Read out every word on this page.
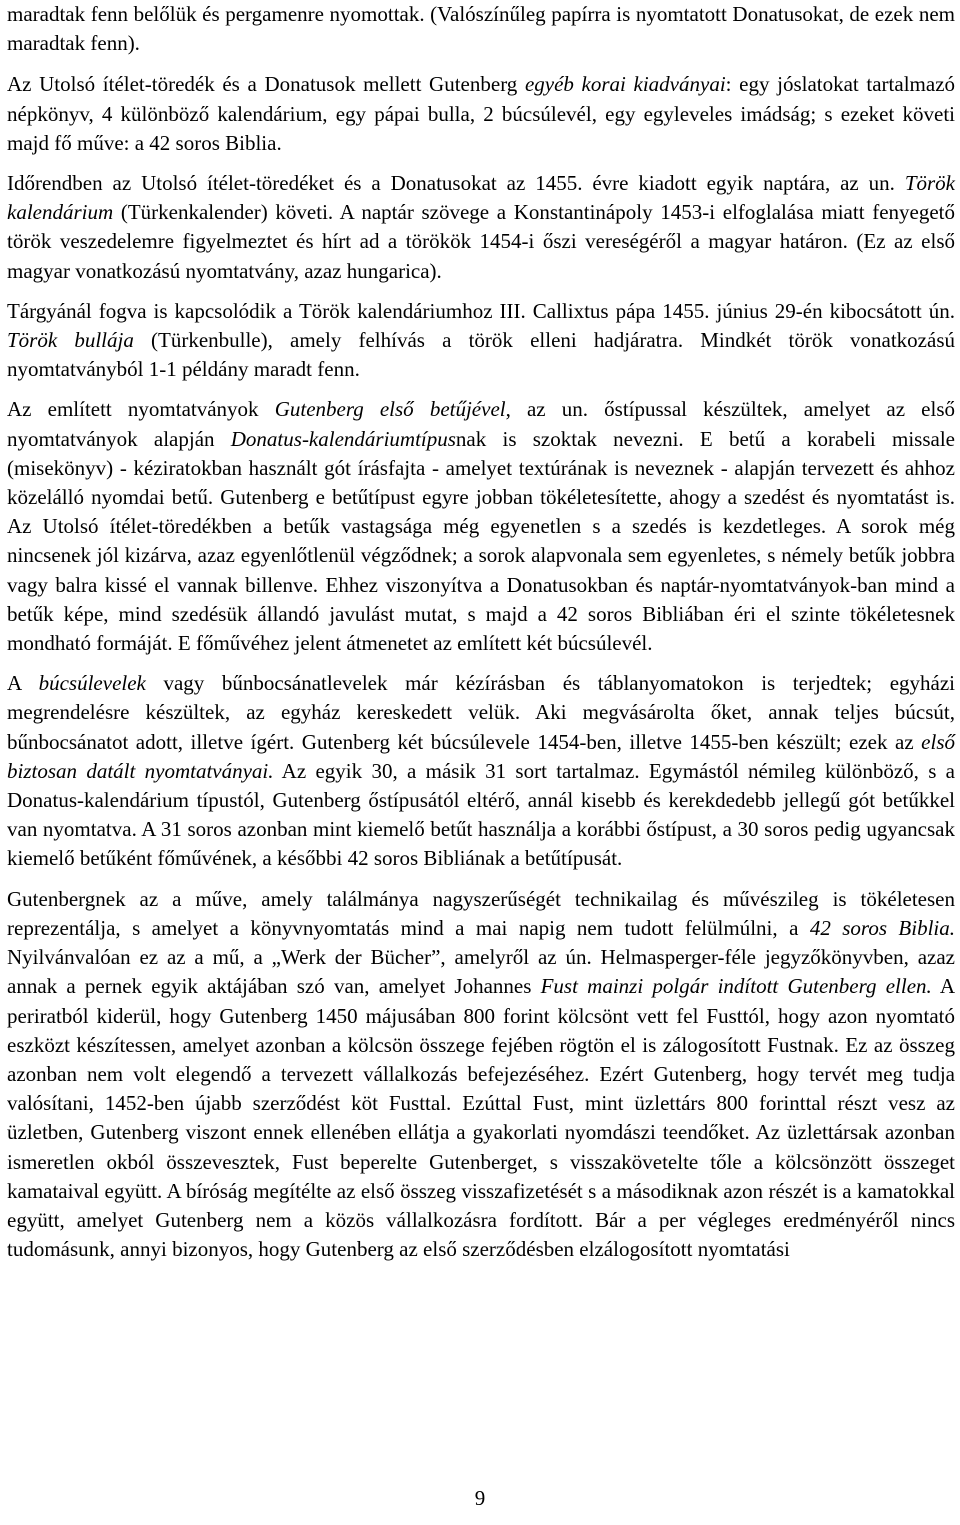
maradtak fenn belőlük és pergamenre nyomottak. (Valószínűleg papírra is nyomtatott Donatusokat, de ezek nem maradtak fenn).

Az Utolsó ítélet-töredék és a Donatusok mellett Gutenberg egyéb korai kiadványai: egy jóslatokat tartalmazó népkönyv, 4 különböző kalendárium, egy pápai bulla, 2 búcsúlevél, egy egyleveles imádság; s ezeket követi majd fő műve: a 42 soros Biblia.

Időrendben az Utolsó ítélet-töredéket és a Donatusokat az 1455. évre kiadott egyik naptára, az un. Török kalendárium (Türkenkalender) követi. A naptár szövege a Konstantinápoly 1453-i elfoglalása miatt fenyegető török veszedelemre figyelmeztet és hírt ad a törökök 1454-i őszi vereségéről a magyar határon. (Ez az első magyar vonatkozású nyomtatvány, azaz hungarica).

Tárgyánál fogva is kapcsolódik a Török kalendáriumhoz III. Callixtus pápa 1455. június 29-én kibocsátott ún. Török bullája (Türkenbulle), amely felhívás a török elleni hadjáratra. Mindkét török vonatkozású nyomtatványból 1-1 példány maradt fenn.

Az említett nyomtatványok Gutenberg első betűjével, az un. őstípussal készültek, amelyet az első nyomtatványok alapján Donatus-kalendáriumtípusnak is szoktak nevezni. E betű a korabeli missale (misekönyv) - kéziratokban használt gót írásfajta - amelyet textúrának is neveznek - alapján tervezett és ahhoz közelálló nyomdai betű. Gutenberg e betűtípust egyre jobban tökéletesítette, ahogy a szedést és nyomtatást is. Az Utolsó ítélet-töredékben a betűk vastagsága még egyenetlen s a szedés is kezdetleges. A sorok még nincsenek jól kizárva, azaz egyenlőtlenül végződnek; a sorok alapvonala sem egyenletes, s némely betűk jobbra vagy balra kissé el vannak billenve. Ehhez viszonyítva a Donatusokban és naptár-nyomtatványok-ban mind a betűk képe, mind szedésük állandó javulást mutat, s majd a 42 soros Bibliában éri el szinte tökéletesnek mondható formáját. E főművéhez jelent átmenetet az említett két búcsúlevél.

A búcsúlevelek vagy bűnbocsánatlevelek már kézírásban és táblanyomatokon is terjedtek; egyházi megrendelésre készültek, az egyház kereskedett velük. Aki megvásárolta őket, annak teljes búcsút, bűnbocsánatot adott, illetve ígért. Gutenberg két búcsúlevele 1454-ben, illetve 1455-ben készült; ezek az első biztosan datált nyomtatványai. Az egyik 30, a másik 31 sort tartalmaz. Egymástól némileg különböző, s a Donatus-kalendárium típustól, Gutenberg őstípusától eltérő, annál kisebb és kerekdedebb jellegű gót betűkkel van nyomtatva. A 31 soros azonban mint kiemelő betűt használja a korábbi őstípust, a 30 soros pedig ugyancsak kiemelő betűként főművének, a későbbi 42 soros Bibliának a betűtípusát.

Gutenbergnek az a műve, amely találmánya nagyszerűségét technikailag és művészileg is tökéletesen reprezentálja, s amelyet a könyvnyomtatás mind a mai napig nem tudott felülmúlni, a 42 soros Biblia. Nyilvánvalóan ez az a mű, a „Werk der Bücher”, amelyről az ún. Helmasperger-féle jegyzőkönyvben, azaz annak a pernek egyik aktájában szó van, amelyet Johannes Fust mainzi polgár indított Gutenberg ellen. A periratból kiderül, hogy Gutenberg 1450 májusában 800 forint kölcsönt vett fel Fusttól, hogy azon nyomtató eszközt készítessen, amelyet azonban a kölcsön összege fejében rögtön el is zálogosított Fustnak. Ez az összeg azonban nem volt elegendő a tervezett vállalkozás befejezéséhez. Ezért Gutenberg, hogy tervét meg tudja valósítani, 1452-ben újabb szerződést köt Fusttal. Ezúttal Fust, mint üzlettárs 800 forinttal részt vesz az üzletben, Gutenberg viszont ennek ellenében ellátja a gyakorlati nyomdászi teendőket. Az üzlettársak azonban ismeretlen okból összevesztek, Fust beperelte Gutenberget, s visszakövetelte tőle a kölcsönzött összeget kamataival együtt. A bíróság megítélte az első összeg visszafizetését s a másodiknak azon részét is a kamatokkal együtt, amelyet Gutenberg nem a közös vállalkozásra fordított. Bár a per végleges eredményéről nincs tudomásunk, annyi bizonyos, hogy Gutenberg az első szerződésben elzálogosított nyomtatási

9
